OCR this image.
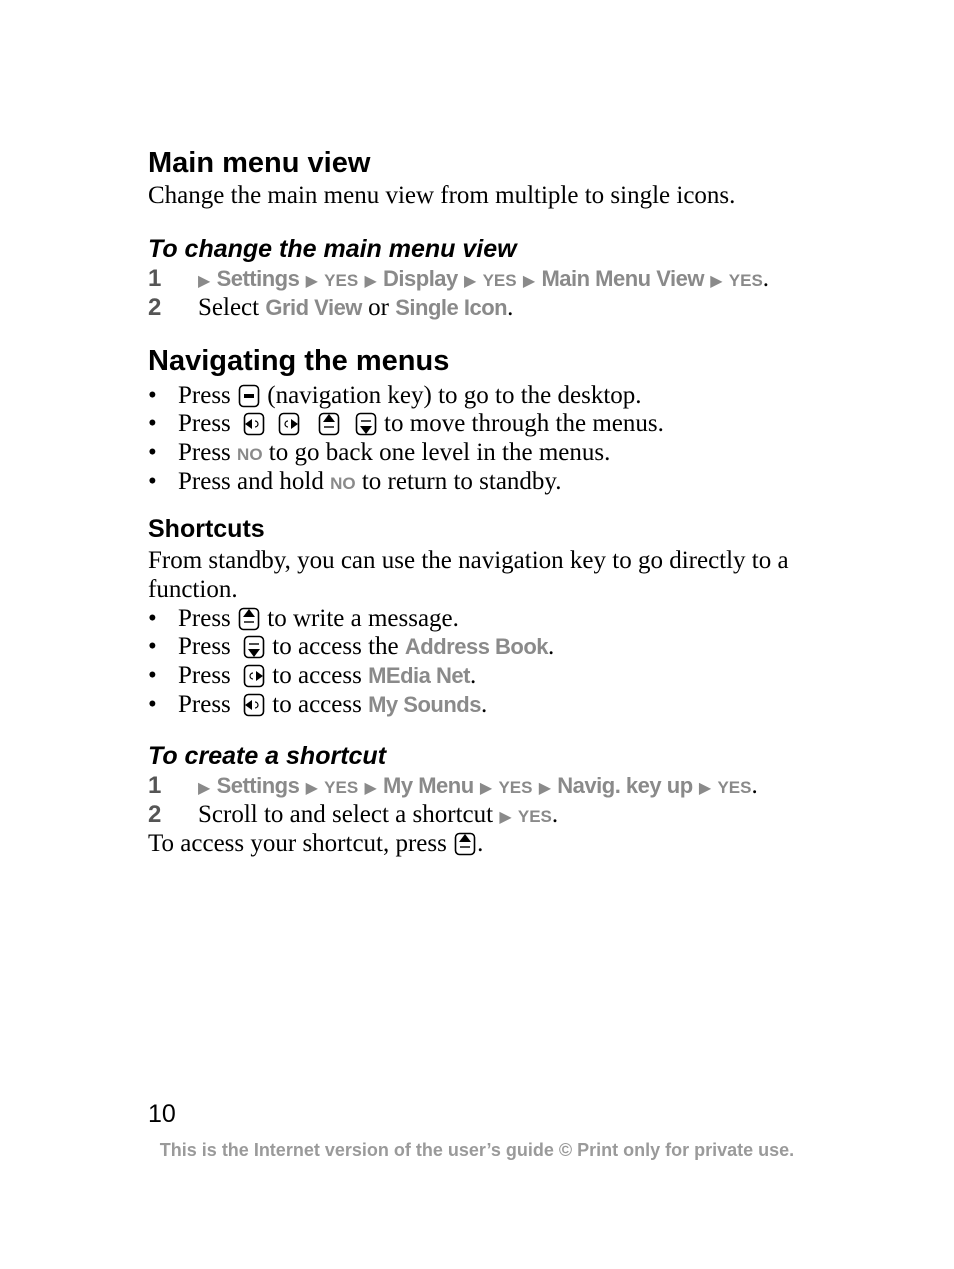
Main menu view

Change the main menu view from multiple to single icons.

To change the main menu view
1 ▶ Settings ▶ YES ▶ Display ▶ YES ▶ Main Menu View ▶ YES.
2 Select Grid View or Single Icon.
Navigating the menus
• Press (navigation key) to go to the desktop.
• Press

	to move through the menus.
• Press NO to go back one level in the menus.
• Press and hold NO to return to standby.
Shortcuts

From standby, you can use the navigation key to go directly to a function.

• Press to write a message.
• Press to access the Address Book.
• Press to access MEdia Net.
• Press to access My Sounds.
To create a shortcut
1 ▶ Settings ▶ YES ▶ My Menu ▶ YES ▶ Navig. key up ▶ YES.
2 Scroll to and select a shortcut ▶ YES.
To access your shortcut, press .
10
This is the Internet version of the user’s guide © Print only for private use.
